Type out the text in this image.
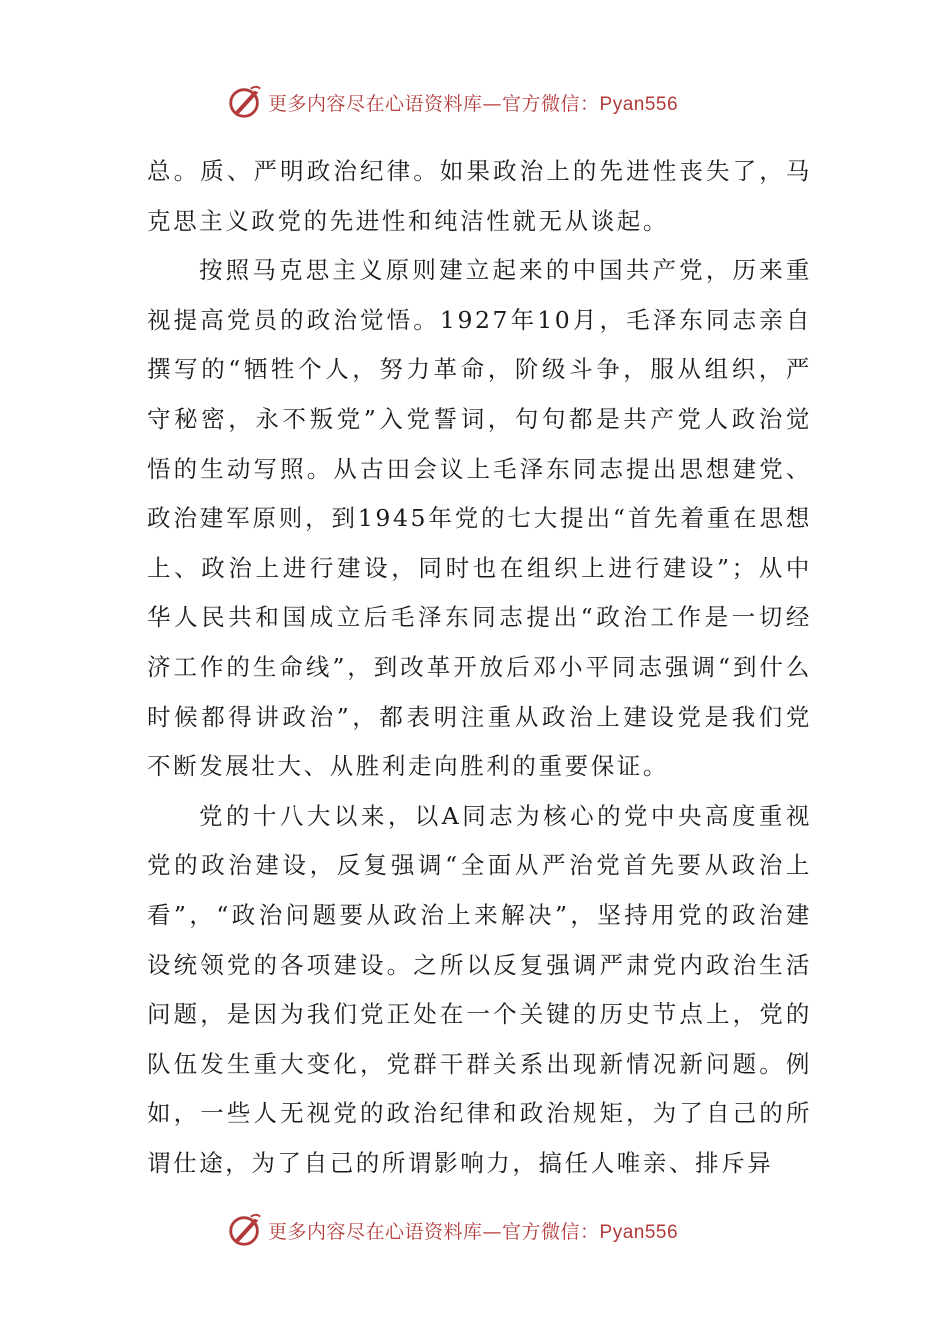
更多内容尽在心语资料库—官方微信：Pyan556

总。质、严明政治纪律。如果政治上的先进性丧失了，马克思主义政党的先进性和纯洁性就无从谈起。

按照马克思主义原则建立起来的中国共产党，历来重视提高党员的政治觉悟。1927年10月，毛泽东同志亲自撰写的“牺牲个人，努力革命，阶级斗争，服从组织，严守秘密，永不叛党”入党誓词，句句都是共产党人政治觉悟的生动写照。从古田会议上毛泽东同志提出思想建党、政治建军原则，到1945年党的七大提出“首先着重在思想上、政治上进行建设，同时也在组织上进行建设”；从中华人民共和国成立后毛泽东同志提出“政治工作是一切经济工作的生命线”，到改革开放后邓小平同志强调“到什么时候都得讲政治”，都表明注重从政治上建设党是我们党不断发展壮大、从胜利走向胜利的重要保证。

党的十八大以来，以A同志为核心的党中央高度重视党的政治建设，反复强调“全面从严治党首先要从政治上看”，“政治问题要从政治上来解决”，坚持用党的政治建设统领党的各项建设。之所以反复强调严肃党内政治生活问题，是因为我们党正处在一个关键的历史节点上，党的队伍发生重大变化，党群干群关系出现新情况新问题。例如，一些人无视党的政治纪律和政治规矩，为了自己的所谓仕途，为了自己的所谓影响力，搞任人唯亲、排斥异

更多内容尽在心语资料库—官方微信：Pyan556
